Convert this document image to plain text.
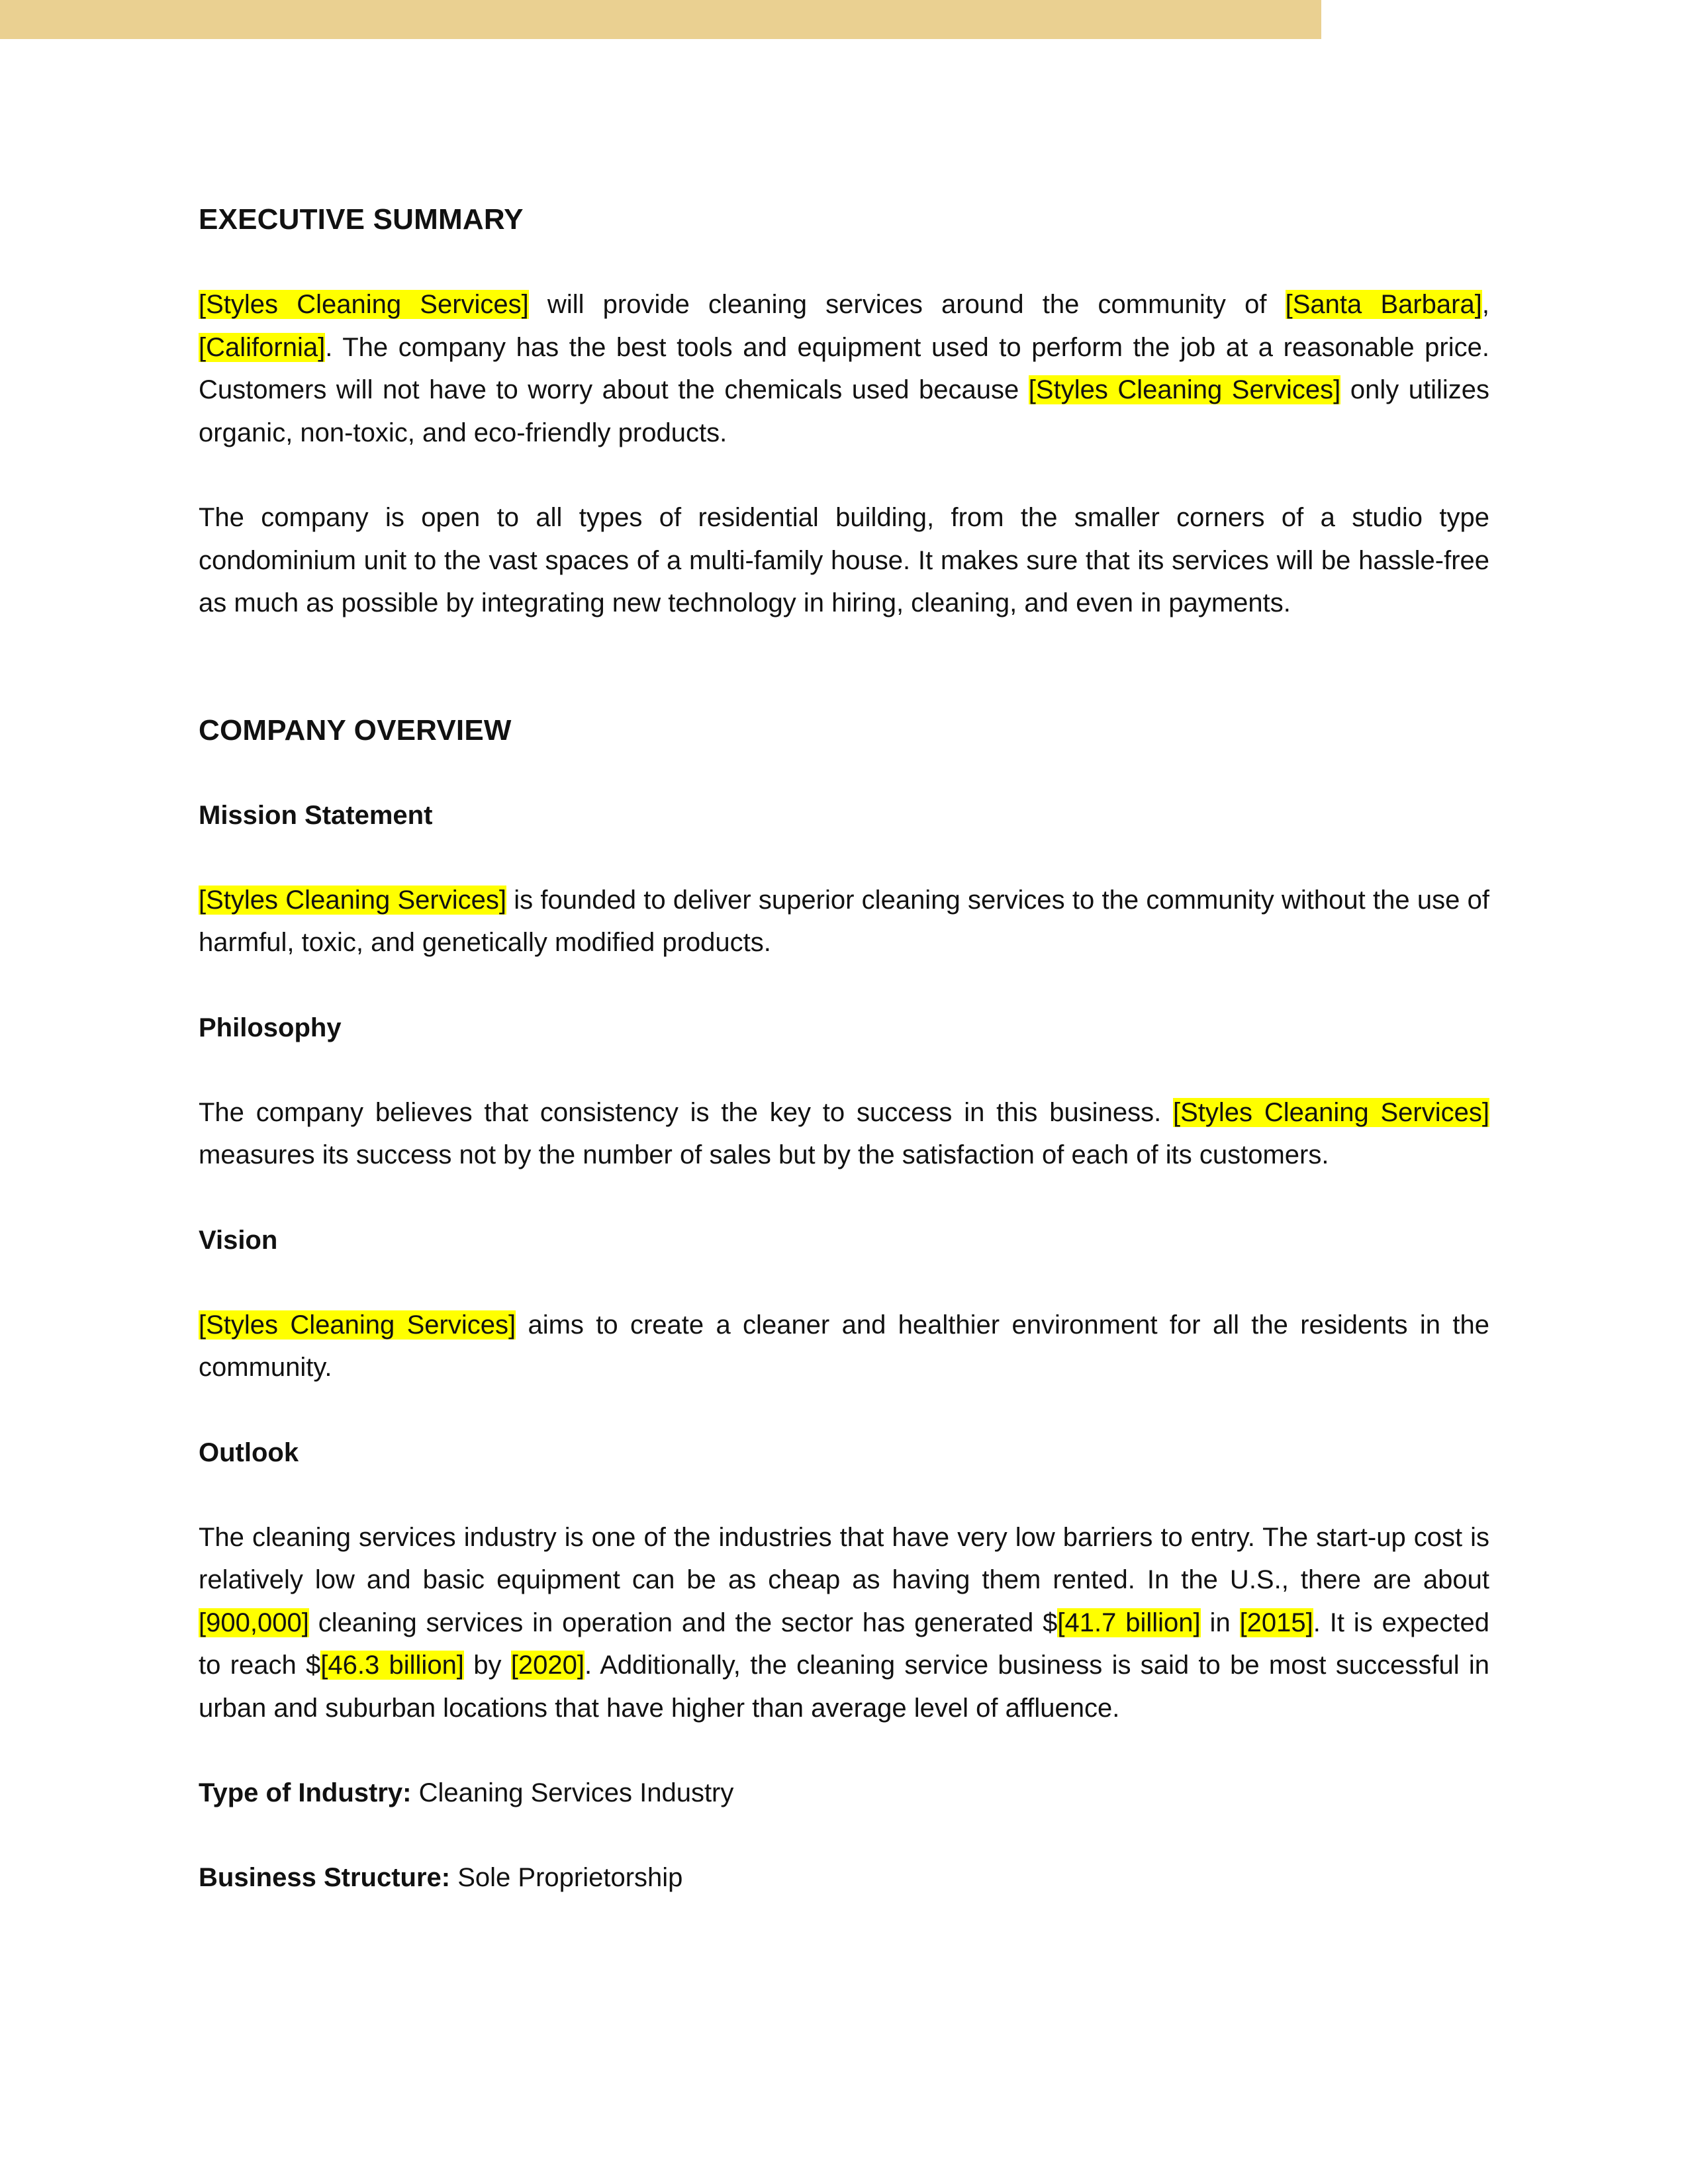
EXECUTIVE SUMMARY

[Styles Cleaning Services] will provide cleaning services around the community of [Santa Barbara], [California]. The company has the best tools and equipment used to perform the job at a reasonable price. Customers will not have to worry about the chemicals used because [Styles Cleaning Services] only utilizes organic, non-toxic, and eco-friendly products.

The company is open to all types of residential building, from the smaller corners of a studio type condominium unit to the vast spaces of a multi-family house. It makes sure that its services will be hassle-free as much as possible by integrating new technology in hiring, cleaning, and even in payments.

COMPANY OVERVIEW
Mission Statement

[Styles Cleaning Services] is founded to deliver superior cleaning services to the community without the use of harmful, toxic, and genetically modified products.

Philosophy

The company believes that consistency is the key to success in this business. [Styles Cleaning Services] measures its success not by the number of sales but by the satisfaction of each of its customers.

Vision

[Styles Cleaning Services] aims to create a cleaner and healthier environment for all the residents in the community.

Outlook

The cleaning services industry is one of the industries that have very low barriers to entry. The start-up cost is relatively low and basic equipment can be as cheap as having them rented. In the U.S., there are about [900,000] cleaning services in operation and the sector has generated $[41.7 billion] in [2015]. It is expected to reach $[46.3 billion] by [2020]. Additionally, the cleaning service business is said to be most successful in urban and suburban locations that have higher than average level of affluence.

Type of Industry: Cleaning Services Industry

Business Structure: Sole Proprietorship
